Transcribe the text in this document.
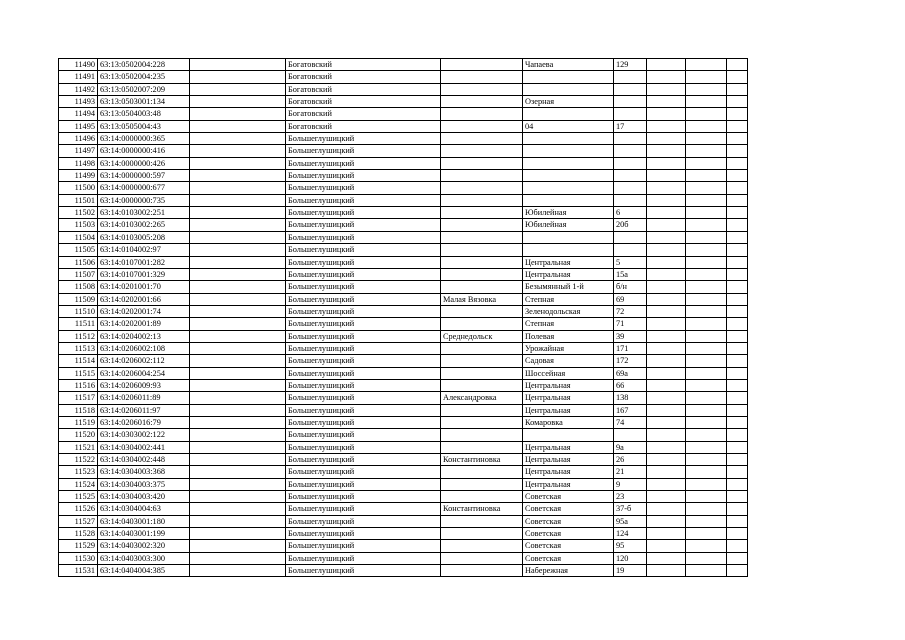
11490	63:13:0502004:228		Богатовский		Чапаева	129			
11491	63:13:0502004:235		Богатовский						
11492	63:13:0502007:209		Богатовский						
11493	63:13:0503001:134		Богатовский		Озерная				
11494	63:13:0504003:48		Богатовский						
11495	63:13:0505004:43		Богатовский		04	17			
11496	63:14:0000000:365		Большеглушицкий						
11497	63:14:0000000:416		Большеглушицкий						
11498	63:14:0000000:426		Большеглушицкий						
11499	63:14:0000000:597		Большеглушицкий						
11500	63:14:0000000:677		Большеглушицкий						
11501	63:14:0000000:735		Большеглушицкий						
11502	63:14:0103002:251		Большеглушицкий		Юбилейная	6			
11503	63:14:0103002:265		Большеглушицкий		Юбилейная	20б			
11504	63:14:0103005:208		Большеглушицкий						
11505	63:14:0104002:97		Большеглушицкий						
11506	63:14:0107001:282		Большеглушицкий		Центральная	5			
11507	63:14:0107001:329		Большеглушицкий		Центральная	15а			
11508	63:14:0201001:70		Большеглушицкий		Безымянный 1-й	б/н			
11509	63:14:0202001:66		Большеглушицкий	Малая Вязовка	Степная	69			
11510	63:14:0202001:74		Большеглушицкий		Зеленодольская	72			
11511	63:14:0202001:89		Большеглушицкий		Степная	71			
11512	63:14:0204002:13		Большеглушицкий	Среднедольск	Полевая	39			
11513	63:14:0206002:108		Большеглушицкий		Урожайная	171			
11514	63:14:0206002:112		Большеглушицкий		Садовая	172			
11515	63:14:0206004:254		Большеглушицкий		Шоссейная	69а			
11516	63:14:0206009:93		Большеглушицкий		Центральная	66			
11517	63:14:0206011:89		Большеглушицкий	Александровка	Центральная	138			
11518	63:14:0206011:97		Большеглушицкий		Центральная	167			
11519	63:14:0206016:79		Большеглушицкий		Комаровка	74			
11520	63:14:0303002:122		Большеглушицкий						
11521	63:14:0304002:441		Большеглушицкий		Центральная	9а			
11522	63:14:0304002:448		Большеглушицкий	Константиновка	Центральная	26			
11523	63:14:0304003:368		Большеглушицкий		Центральная	21			
11524	63:14:0304003:375		Большеглушицкий		Центральная	9			
11525	63:14:0304003:420		Большеглушицкий		Советская	23			
11526	63:14:0304004:63		Большеглушицкий	Константиновка	Советская	37-б			
11527	63:14:0403001:180		Большеглушицкий		Советская	95а			
11528	63:14:0403001:199		Большеглушицкий		Советская	124			
11529	63:14:0403002:320		Большеглушицкий		Советская	95			
11530	63:14:0403003:300		Большеглушицкий		Советская	120			
11531	63:14:0404004:385		Большеглушицкий		Набережная	19			
